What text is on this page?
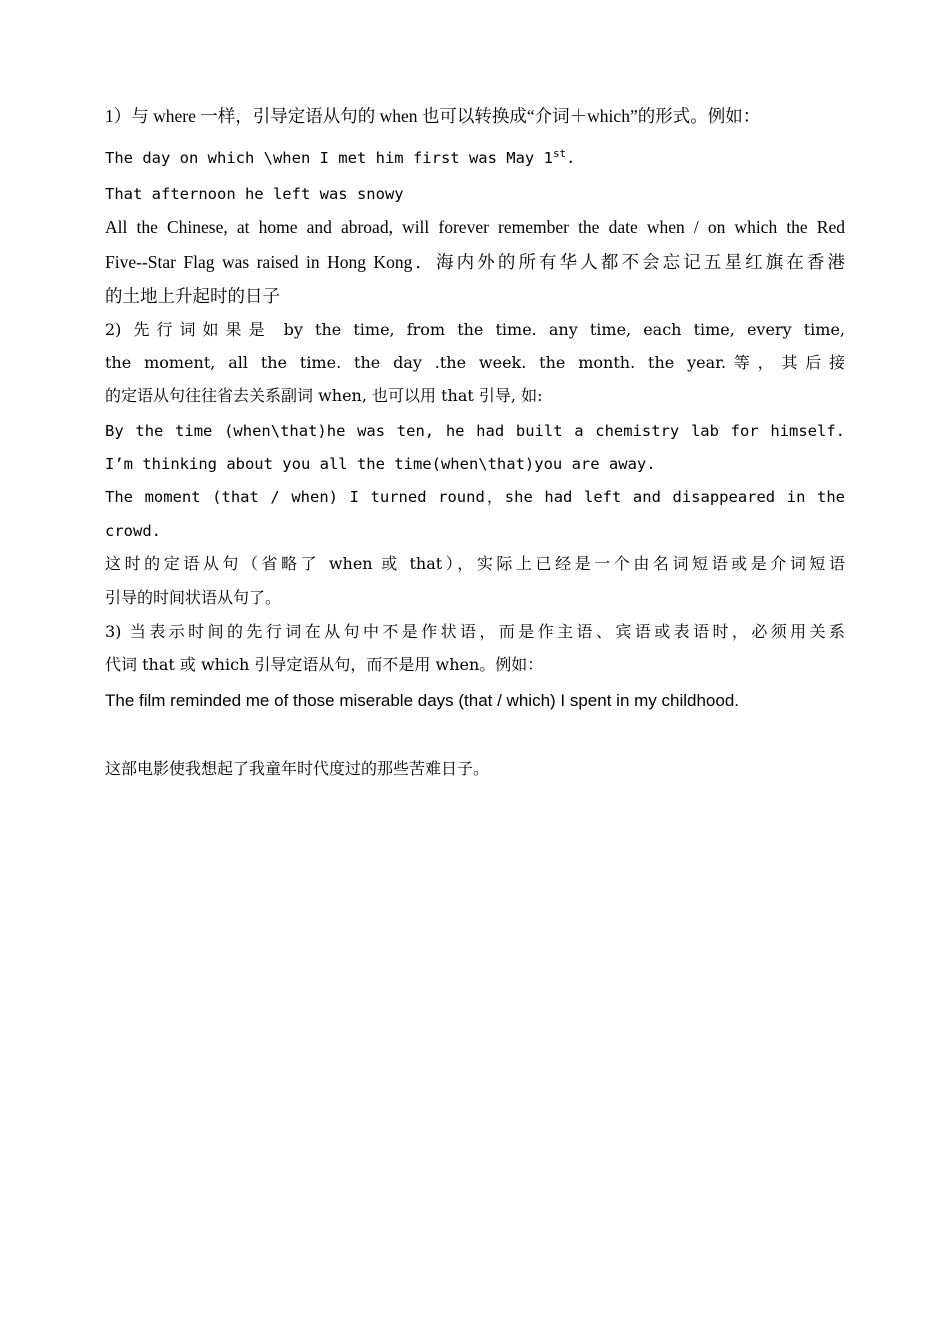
1）与 where 一样，引导定语从句的 when 也可以转换成“介词＋which”的形式。例如：
The day on which \when I met him first was May 1st.
That afternoon he left was snowy
All the Chinese, at home and abroad, will forever remember the date when / on which the Red
Five--Star Flag was raised in Hong Kong．海内外的所有华人都不会忘记五星红旗在香港
的土地上升起时的日子
2) 先行词如果是 by the time, from the time. any time, each time, every time,
the moment, all the time. the day .the week. the month. the year.等，其后接
的定语从句往往省去关系副词 when, 也可以用 that 引导, 如:
By the time (when\that)he was ten, he had built a chemistry lab for himself.
I’m thinking about you all the time(when\that)you are away.
The moment (that / when) I turned round，she had left and disappeared in the
crowd.
这时的定语从句（省略了 when 或 that），实际上已经是一个由名词短语或是介词短语
引导的时间状语从句了。
3) 当表示时间的先行词在从句中不是作状语，而是作主语、宾语或表语时，必须用关系
代词 that 或 which 引导定语从句，而不是用 when。例如：
The film reminded me of those miserable days (that / which) I spent in my childhood.
这部电影使我想起了我童年时代度过的那些苦难日子。
